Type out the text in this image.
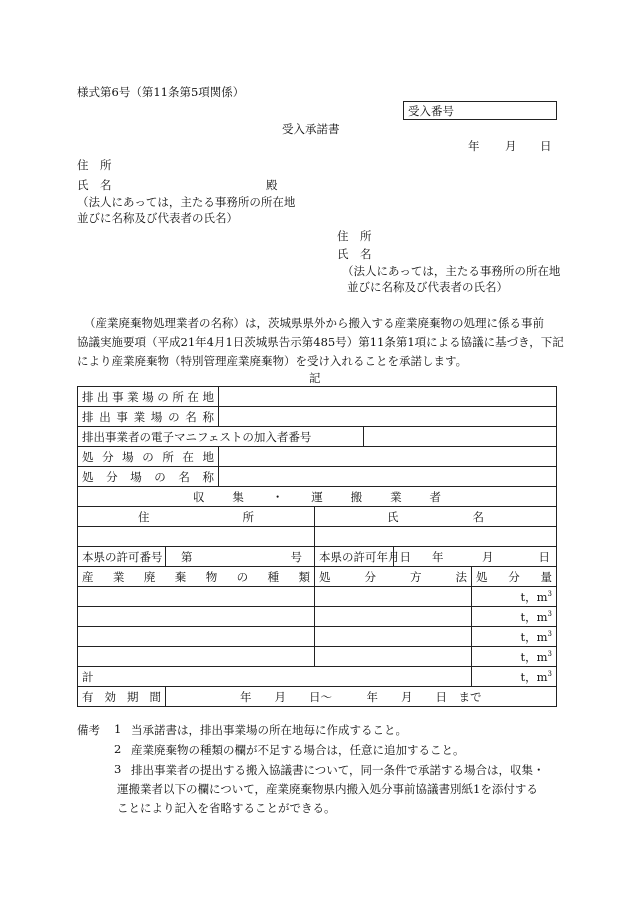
様式第6号（第11条第5項関係）
受入番号
受入承諾書
年 月 日
住　所
氏　名	殿
（法人にあっては，主たる事務所の所在地
並びに名称及び代表者の氏名）
住　所
氏　名
（法人にあっては，主たる事務所の所在地
並びに名称及び代表者の氏名）
（産業廃棄物処理業者の名称）は，茨城県県外から搬入する産業廃棄物の処理に係る事前
協議実施要項（平成21年4月1日茨城県告示第485号）第11条第1項による協議に基づき，下記
により産業廃棄物（特別管理産業廃棄物）を受け入れることを承諾します。
記
排出事業場の所在地						
排出事業場の名称						
排出事業者の電子マニフェストの加入者番号						
処分場の所在地						
処分場の名称						

収集・運搬業者						

住所			氏名			

本県の許可番号	第 号		本県の許可年月日		年 月 日	

産業廃棄物の種類			処分方法			処分量
						t，$m^3$
						t，$m^3$
						t，$m^3$
						t，$m^3$
計						t，$m^3$
有効期間	年　　月　　日〜　　　年　　月　　日　まで					
備考 1 当承諾書は，排出事業場の所在地毎に作成すること。
2 産業廃棄物の種類の欄が不足する場合は，任意に追加すること。
3 排出事業者の提出する搬入協議書について，同一条件で承諾する場合は，収集・
運搬業者以下の欄について，産業廃棄物県内搬入処分事前協議書別紙1を添付する
ことにより記入を省略することができる。
